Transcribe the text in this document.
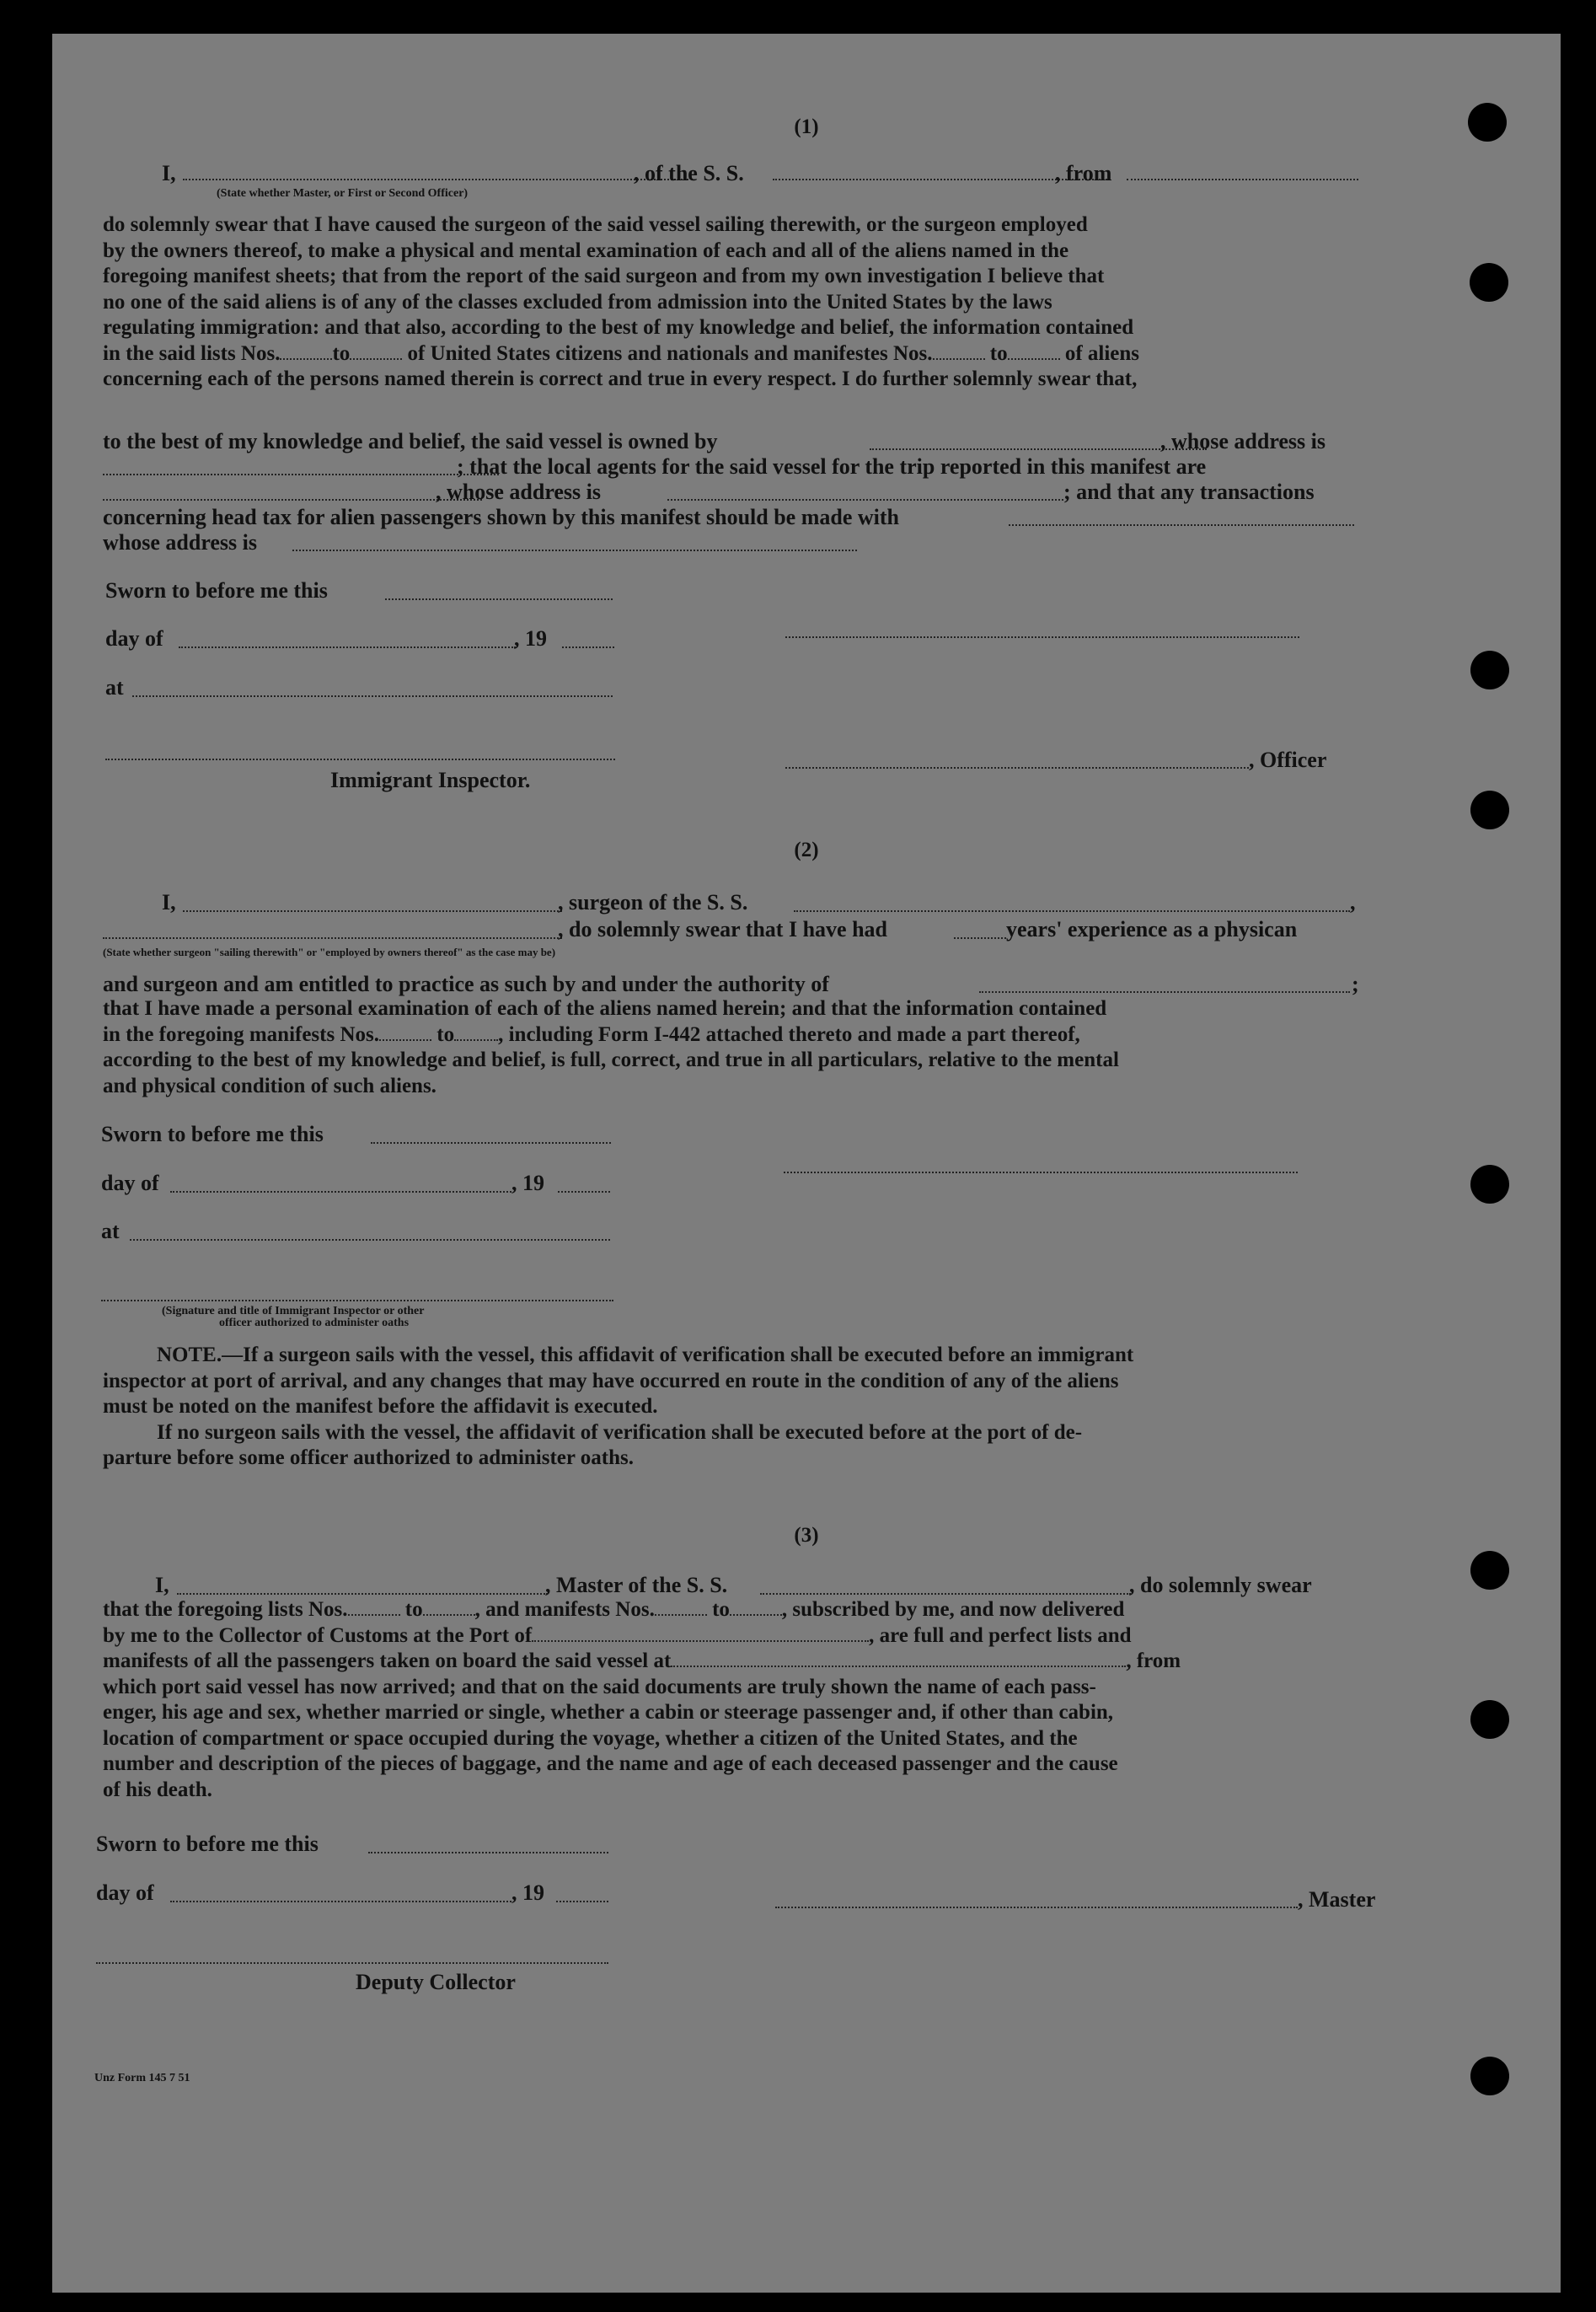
(1)
I,	, of the S. S.	, from
(State whether Master, or First or Second Officer)
do solemnly swear that I have caused the surgeon of the said vessel sailing therewith, or the surgeon employed
by the owners thereof, to make a physical and mental examination of each and all of the aliens named in the
foregoing manifest sheets; that from the report of the said surgeon and from my own investigation I believe that
no one of the said aliens is of any of the classes excluded from admission into the United States by the laws
regulating immigration: and that also, according to the best of my knowledge and belief, the information contained
in the said lists Nos. to	of United States citizens and nationals and manifestes Nos.	to	of aliens
concerning each of the persons named therein is correct and true in every respect. I do further solemnly swear that,
to the best of my knowledge and belief, the said vessel is owned by	, whose address is
; that the local agents for the said vessel for the trip reported in this manifest are
, whose address is	; and that any transactions
concerning head tax for alien passengers shown by this manifest should be made with
whose address is
Sworn to before me this
day of	, 19
at
, Officer
Immigrant Inspector.
(2)
I,	, surgeon of the S. S.	,
, do solemnly swear that I have had	years' experience as a physican
(State whether surgeon "sailing therewith" or "employed by owners thereof" as the case may be)
and surgeon and am entitled to practice as such by and under the authority of	;
that I have made a personal examination of each of the aliens named herein; and that the information contained
in the foregoing manifests Nos.	to , including Form I-442 attached thereto and made a part thereof,
according to the best of my knowledge and belief, is full, correct, and true in all particulars, relative to the mental
and physical condition of such aliens.
Sworn to before me this
day of	, 19
at
(Signature and title of Immigrant Inspector or other
officer authorized to administer oaths
NOTE.—If a surgeon sails with the vessel, this affidavit of verification shall be executed before an immigrant
inspector at port of arrival, and any changes that may have occurred en route in the condition of any of the aliens
must be noted on the manifest before the affidavit is executed.
If no surgeon sails with the vessel, the affidavit of verification shall be executed before at the port of de-
parture before some officer authorized to administer oaths.
(3)
I,	, Master of the S. S.	, do solemnly swear
that the foregoing lists Nos.	to , and manifests Nos.	to , subscribed by me, and now delivered
by me to the Collector of Customs at the Port of	, are full and perfect lists and
manifests of all the passengers taken on board the said vessel at	, from
which port said vessel has now arrived; and that on the said documents are truly shown the name of each pass-
enger, his age and sex, whether married or single, whether a cabin or steerage passenger and, if other than cabin,
location of compartment or space occupied during the voyage, whether a citizen of the United States, and the
number and description of the pieces of baggage, and the name and age of each deceased passenger and the cause
of his death.
Sworn to before me this
day of	, 19	, Master
Deputy Collector
Unz Form 145 7 51
